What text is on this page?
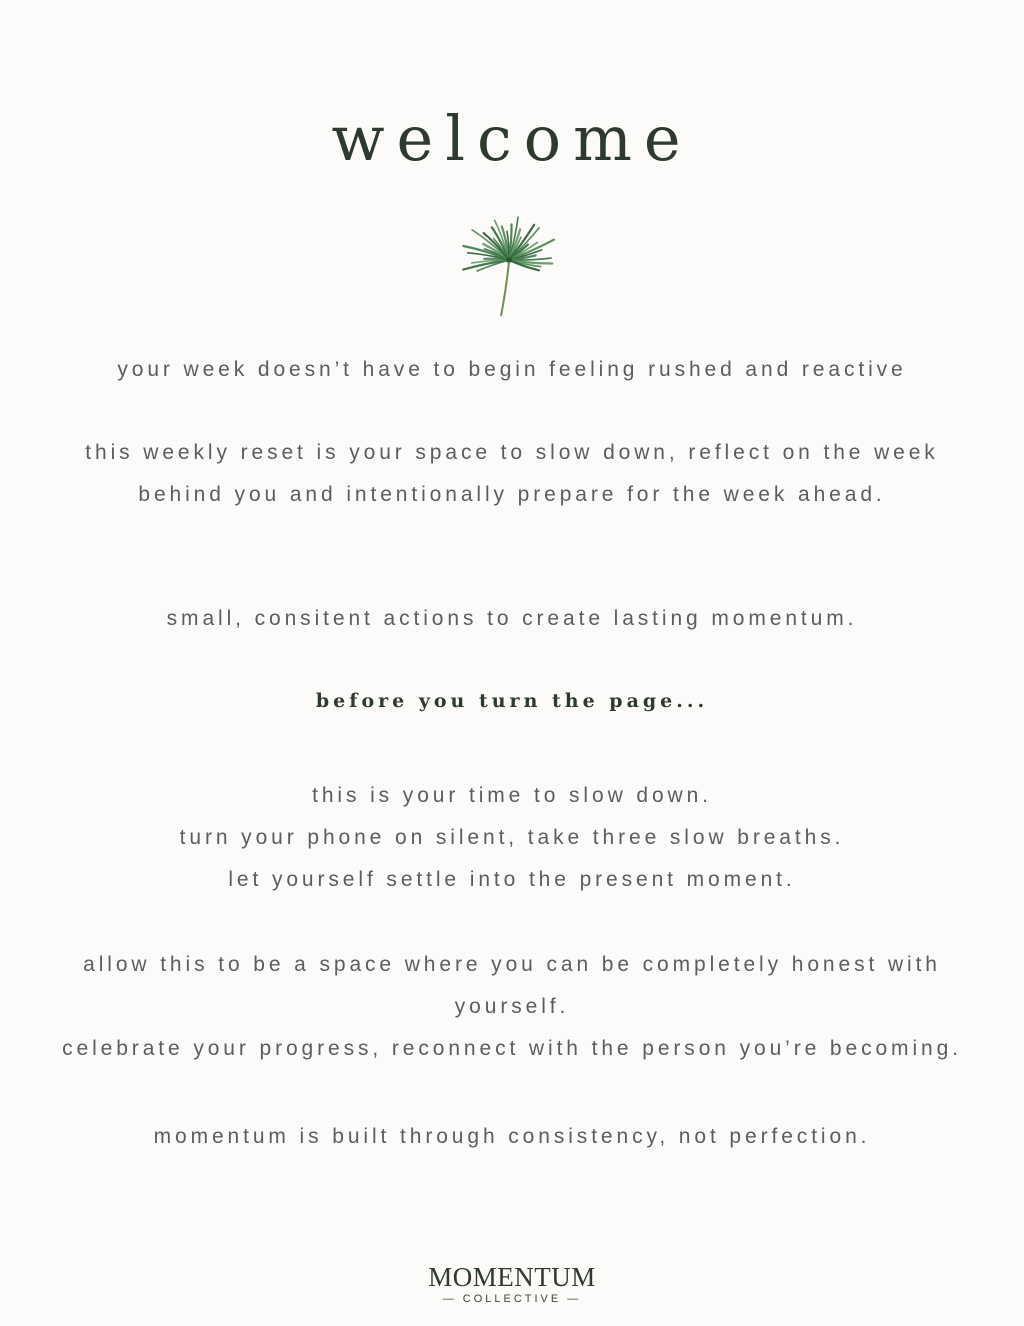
welcome

your week doesn’t have to begin feeling rushed and reactive

this weekly reset is your space to slow down, reflect on the week behind you and intentionally prepare for the week ahead.

small, consitent actions to create lasting momentum.

before you turn the page...

this is your time to slow down.
turn your phone on silent, take three slow breaths.
let yourself settle into the present moment.

allow this to be a space where you can be completely honest with
yourself.
celebrate your progress, reconnect with the person you’re becoming.

momentum is built through consistency, not perfection.

MOMENTUM
— COLLECTIVE —
